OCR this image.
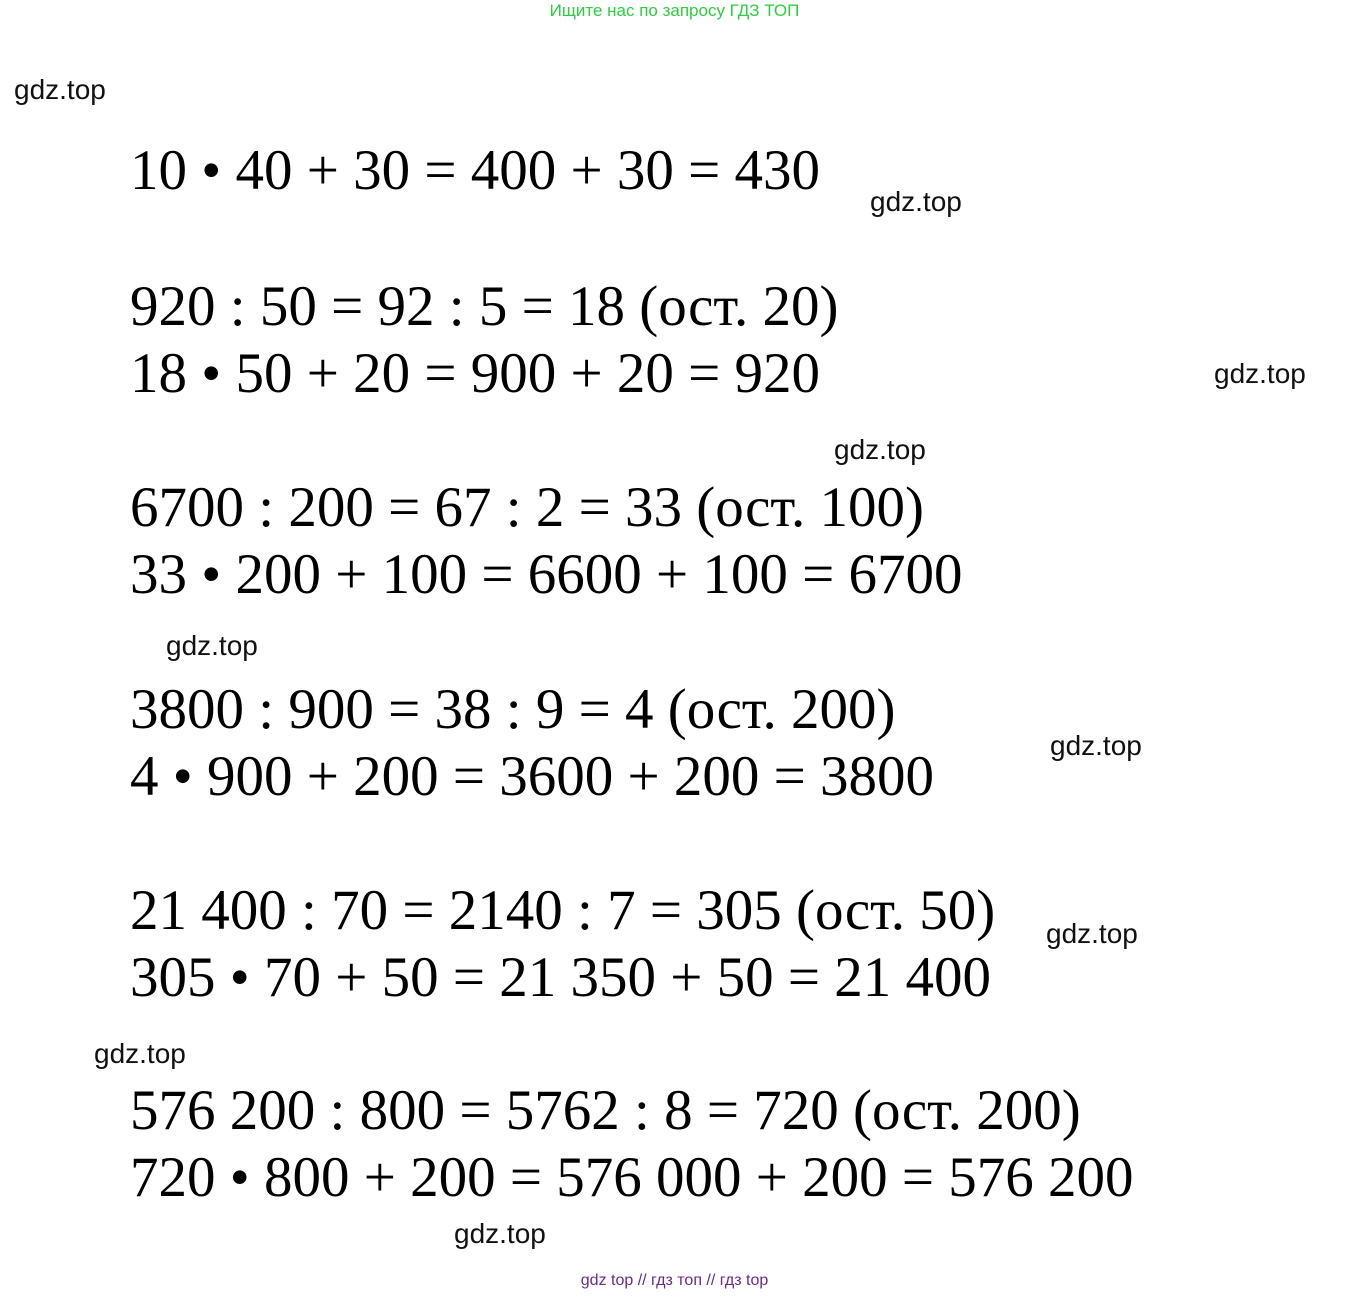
Ищите нас по запросу ГДЗ ТОП
gdz.top
gdz.top
gdz.top
gdz.top
gdz.top
gdz.top
gdz.top
gdz.top
gdz.top
10 • 40 + 30 = 400 + 30 = 430
920 : 50 = 92 : 5 = 18 (ост. 20)
18 • 50 + 20 = 900 + 20 = 920
6700 : 200 = 67 : 2 = 33 (ост. 100)
33 • 200 + 100 = 6600 + 100 = 6700
3800 : 900 = 38 : 9 = 4 (ост. 200)
4 • 900 + 200 = 3600 + 200 = 3800
21 400 : 70 = 2140 : 7 = 305 (ост. 50)
305 • 70 + 50 = 21 350 + 50 = 21 400
576 200 : 800 = 5762 : 8 = 720 (ост. 200)
720 • 800 + 200 = 576 000 + 200 = 576 200
gdz top // гдз топ // гдз top
